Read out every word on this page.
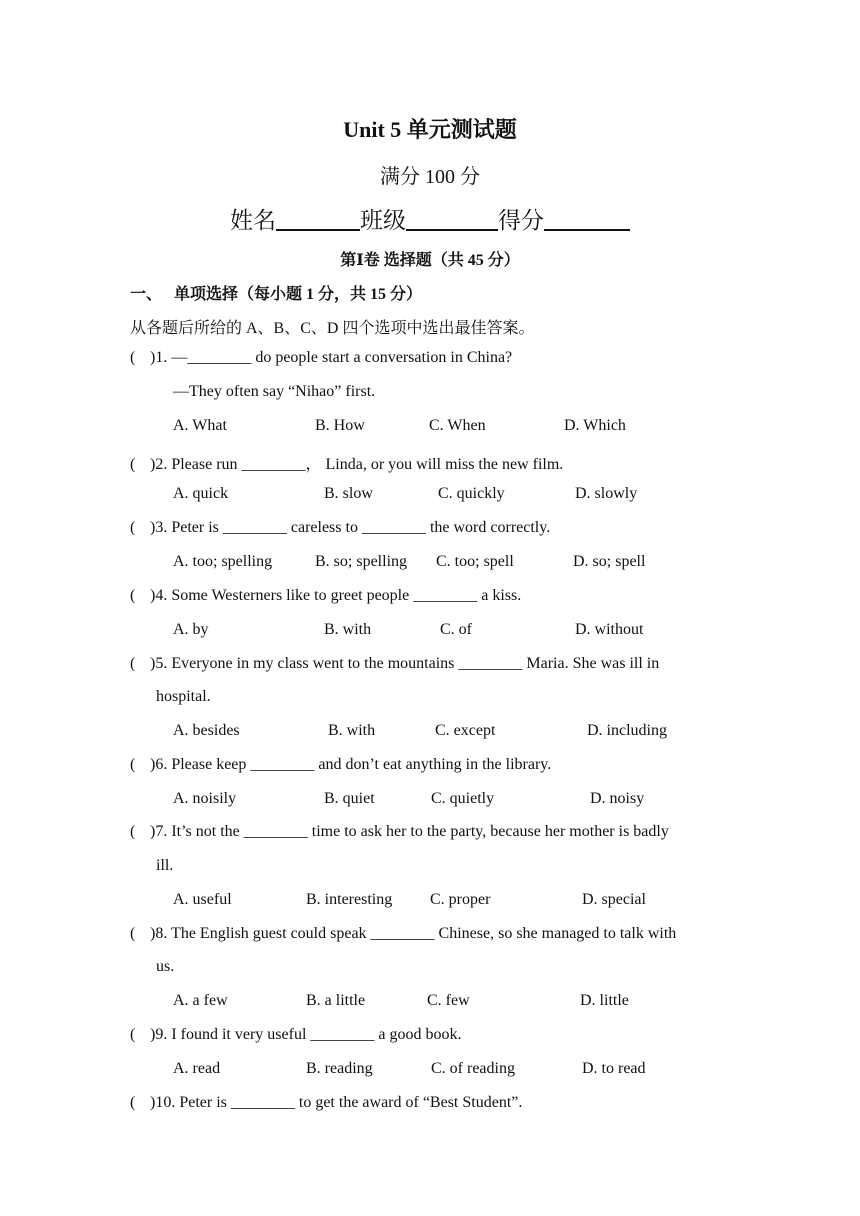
Unit 5 单元测试题
满分 100 分
姓名	班级	得分
第Ⅰ卷 选择题（共 45 分）
一、 单项选择（每小题 1 分，共 15 分）
从各题后所给的 A、B、C、D 四个选项中选出最佳答案。
( )1. —________ do people start a conversation in China?
—They often say “Nihao” first.
A. What	B. How	C. When	D. Which
( )2. Please run ________， Linda, or you will miss the new film.
A. quick	B. slow	C. quickly	D. slowly
( )3. Peter is ________ careless to ________ the word correctly.
A. too; spelling	B. so; spelling C. too; spell	D. so; spell
( )4. Some Westerners like to greet people ________ a kiss.
A. by	B. with	C. of	D. without
( )5. Everyone in my class went to the mountains ________ Maria. She was ill in
hospital.
A. besides	B. with	C. except	D. including
( )6. Please keep ________ and don’t eat anything in the library.
A. noisily	B. quiet	C. quietly	D. noisy
( )7. It’s not the ________ time to ask her to the party, because her mother is badly
ill.
A. useful	B. interesting C. proper	D. special
( )8. The English guest could speak ________ Chinese, so she managed to talk with
us.
A. a few	B. a little	C. few	D. little
( )9. I found it very useful ________ a good book.
A. read	B. reading	C. of reading	D. to read
( )10. Peter is ________ to get the award of “Best Student”.
